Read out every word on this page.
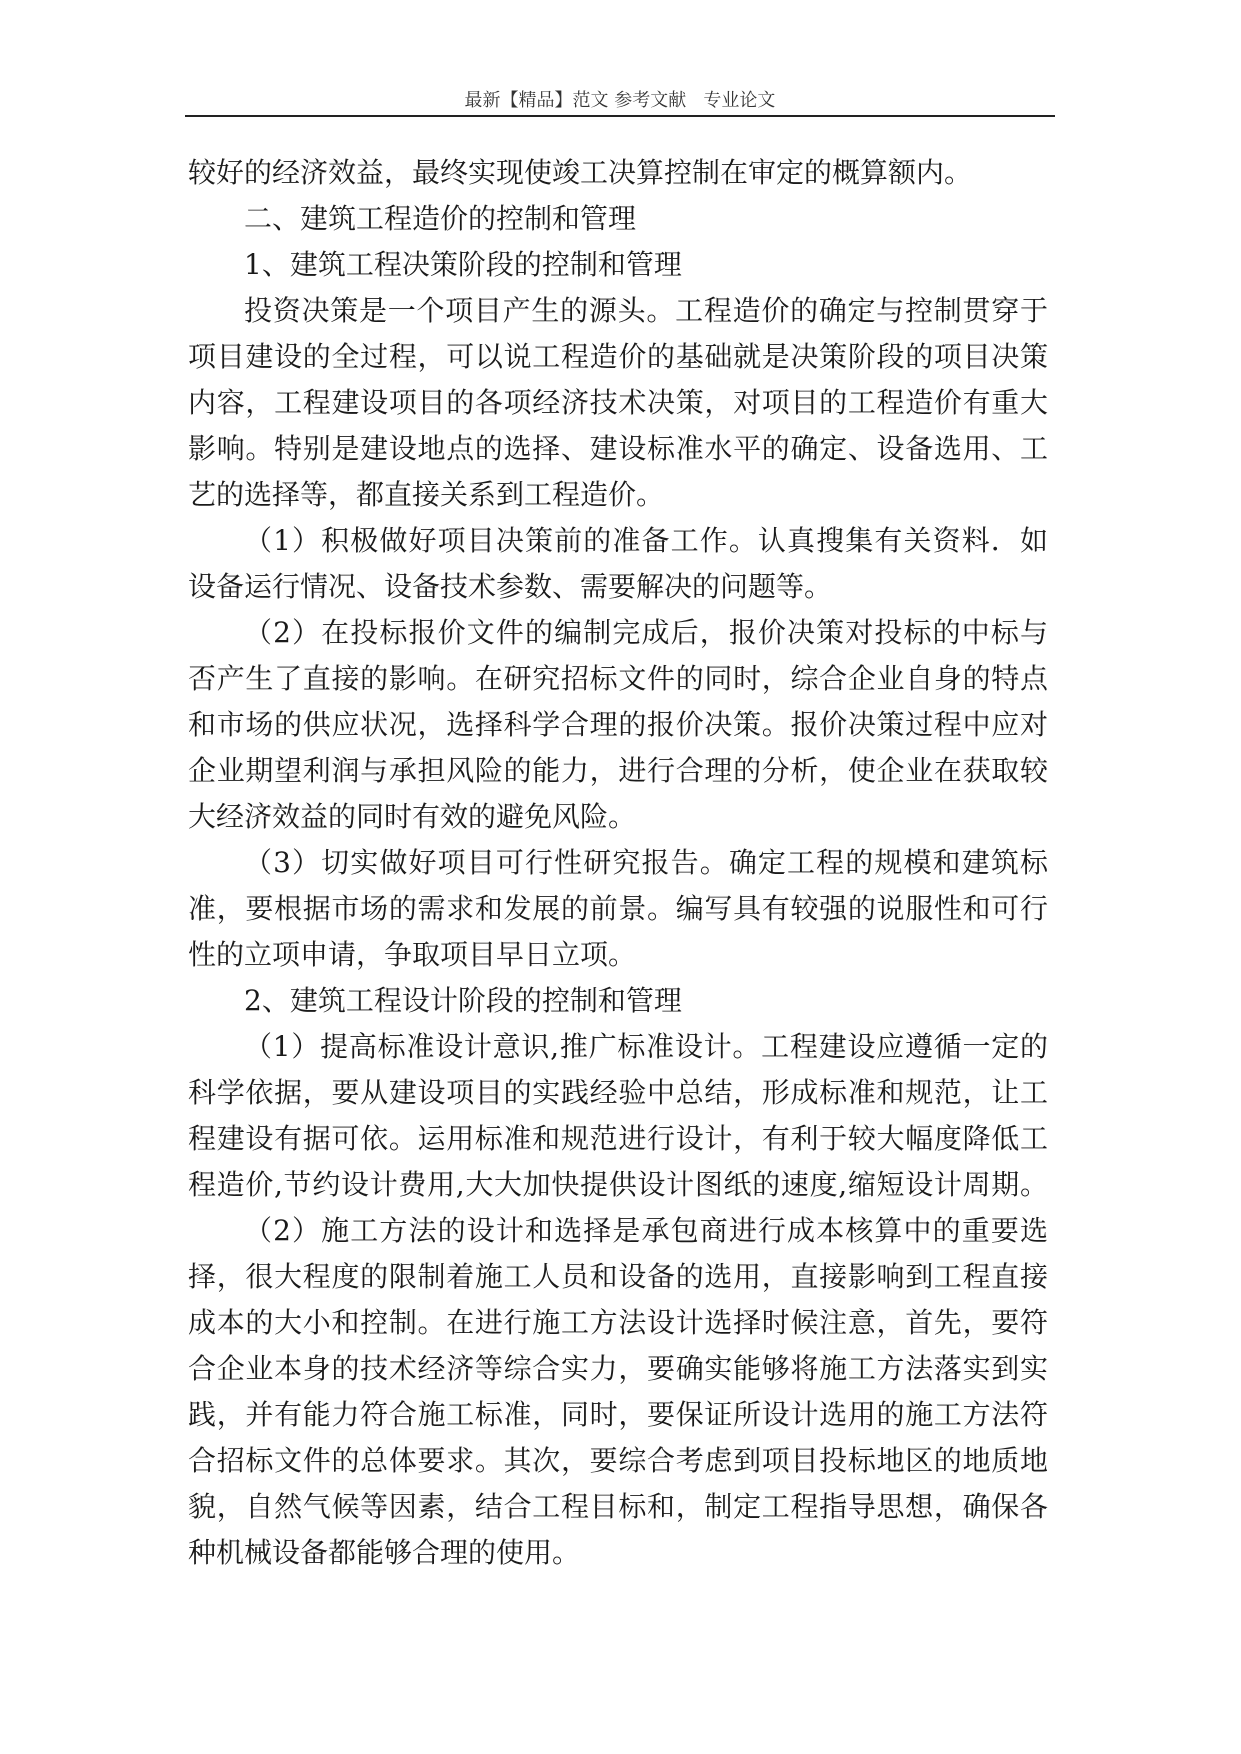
最新【精品】范文 参考文献   专业论文
较好的经济效益，最终实现使竣工决算控制在审定的概算额内。
二、建筑工程造价的控制和管理
1、建筑工程决策阶段的控制和管理
投资决策是一个项目产生的源头。工程造价的确定与控制贯穿于
项目建设的全过程，可以说工程造价的基础就是决策阶段的项目决策
内容，工程建设项目的各项经济技术决策，对项目的工程造价有重大
影响。特别是建设地点的选择、建设标准水平的确定、设备选用、工
艺的选择等，都直接关系到工程造价。
（1）积极做好项目决策前的准备工作。认真搜集有关资料．如
设备运行情况、设备技术参数、需要解决的问题等。
（2）在投标报价文件的编制完成后，报价决策对投标的中标与
否产生了直接的影响。在研究招标文件的同时，综合企业自身的特点
和市场的供应状况，选择科学合理的报价决策。报价决策过程中应对
企业期望利润与承担风险的能力，进行合理的分析，使企业在获取较
大经济效益的同时有效的避免风险。
（3）切实做好项目可行性研究报告。确定工程的规模和建筑标
准，要根据市场的需求和发展的前景。编写具有较强的说服性和可行
性的立项申请，争取项目早日立项。
2、建筑工程设计阶段的控制和管理
（1）提高标准设计意识,推广标准设计。工程建设应遵循一定的
科学依据，要从建设项目的实践经验中总结，形成标准和规范，让工
程建设有据可依。运用标准和规范进行设计，有利于较大幅度降低工
程造价,节约设计费用,大大加快提供设计图纸的速度,缩短设计周期。
（2）施工方法的设计和选择是承包商进行成本核算中的重要选
择，很大程度的限制着施工人员和设备的选用，直接影响到工程直接
成本的大小和控制。在进行施工方法设计选择时候注意，首先，要符
合企业本身的技术经济等综合实力，要确实能够将施工方法落实到实
践，并有能力符合施工标准，同时，要保证所设计选用的施工方法符
合招标文件的总体要求。其次，要综合考虑到项目投标地区的地质地
貌，自然气候等因素，结合工程目标和，制定工程指导思想，确保各
种机械设备都能够合理的使用。
